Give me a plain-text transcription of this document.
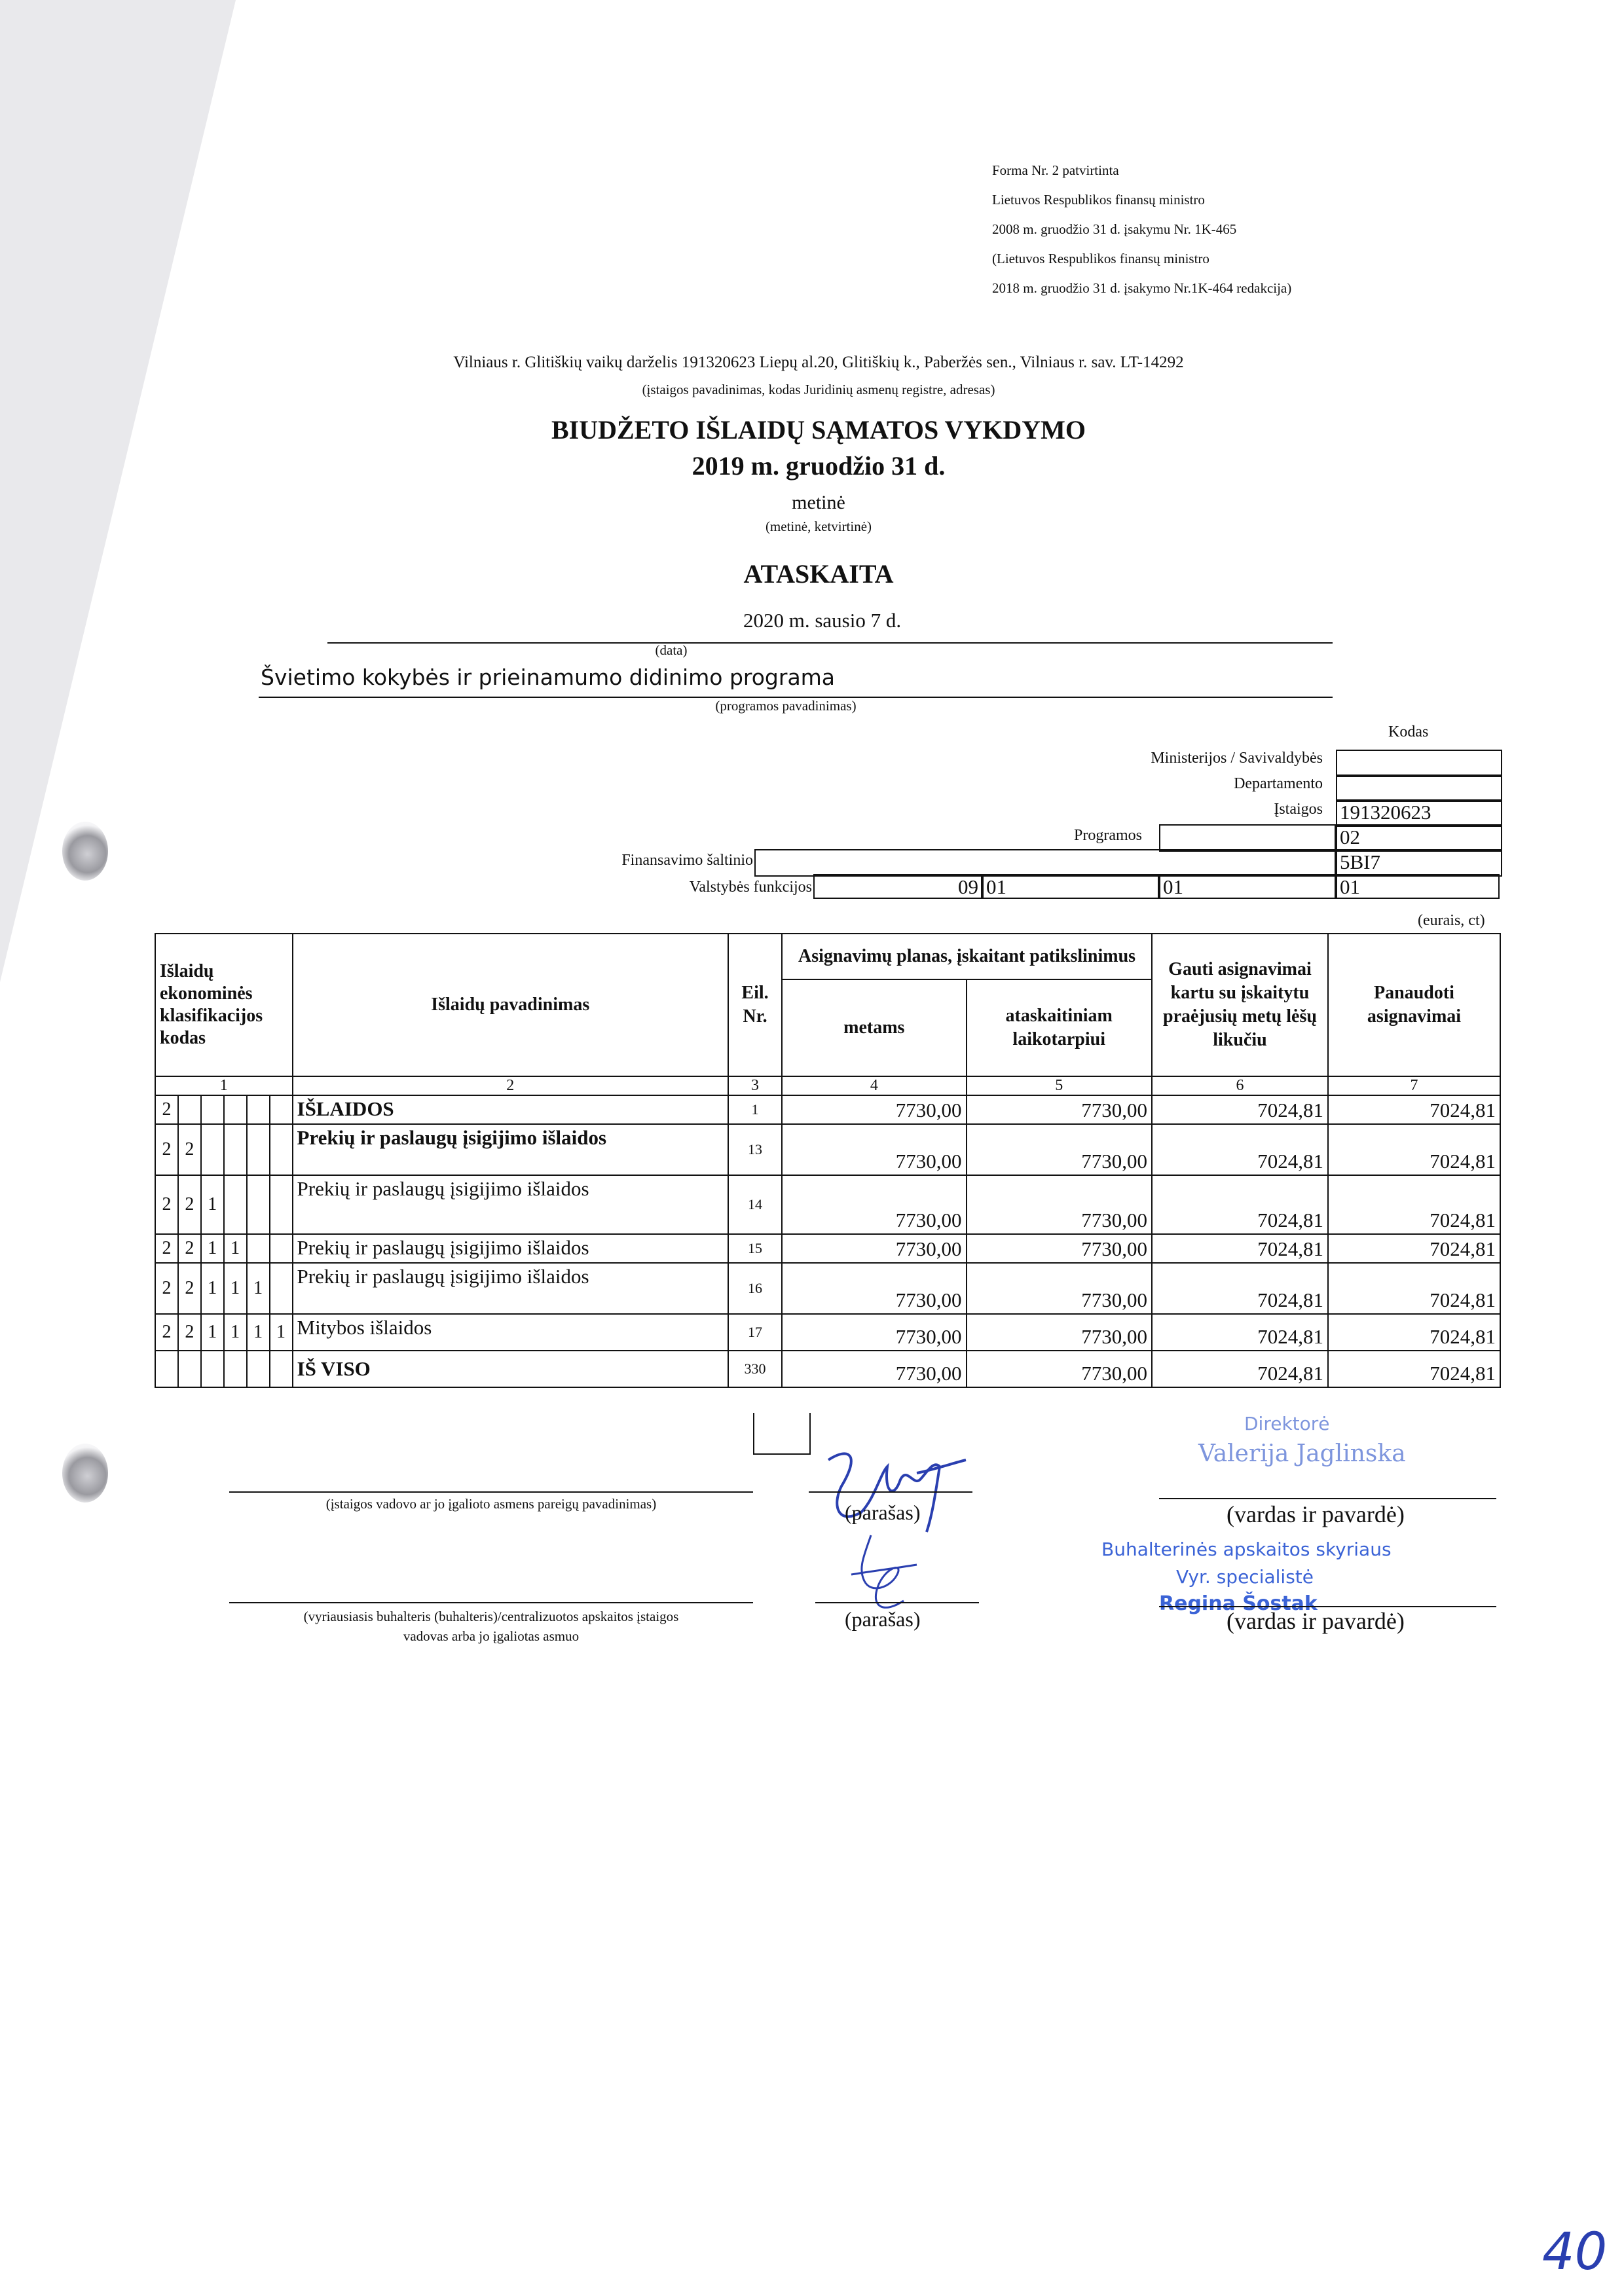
Forma Nr. 2 patvirtinta
Lietuvos Respublikos finansų ministro
2008 m. gruodžio 31 d. įsakymu Nr. 1K-465
(Lietuvos Respublikos finansų ministro
2018 m. gruodžio 31 d. įsakymo Nr.1K-464 redakcija)
Vilniaus r. Glitiškių vaikų darželis 191320623 Liepų al.20, Glitiškių k., Paberžės sen., Vilniaus r. sav. LT-14292
(įstaigos pavadinimas, kodas Juridinių asmenų registre, adresas)
BIUDŽETO IŠLAIDŲ SĄMATOS VYKDYMO
2019 m. gruodžio 31 d.
metinė
(metinė, ketvirtinė)
ATASKAITA
2020 m. sausio 7 d.
(data)
Švietimo kokybės ir prieinamumo didinimo programa
(programos pavadinimas)
Kodas
Ministerijos / Savivaldybės
Departamento
Įstaigos 191320623
Programos	02
Finansavimo šaltinio	5BI7
Valstybės funkcijos	09 01	01	01
(eurais, ct)
Išlaidų ekonominės klasifikacijos kodas						Išlaidų pavadinimas	Eil. Nr.	Asignavimų planas, įskaitant patikslinimus		Gauti asignavimai kartu su įskaitytu praėjusių metų lėšų likučiu	Panaudoti asignavimai
								metams	ataskaitiniam laikotarpiui		
1						2	3	4	5	6	7
2						IŠLAIDOS	1	7730,00	7730,00	7024,81	7024,81
2	2					Prekių ir paslaugų įsigijimo išlaidos	13	7730,00	7730,00	7024,81	7024,81
2	2	1				Prekių ir paslaugų įsigijimo išlaidos	14	7730,00	7730,00	7024,81	7024,81
2	2	1	1			Prekių ir paslaugų įsigijimo išlaidos	15	7730,00	7730,00	7024,81	7024,81
2	2	1	1	1		Prekių ir paslaugų įsigijimo išlaidos	16	7730,00	7730,00	7024,81	7024,81
2	2	1	1	1	1	Mitybos išlaidos	17	7730,00	7730,00	7024,81	7024,81
						IŠ VISO	330	7730,00	7730,00	7024,81	7024,81
(įstaigos vadovo ar jo įgalioto asmens pareigų pavadinimas)	(parašas)
Direktorė
Valerija Jaglinska
(vardas ir pavardė)
Buhalterinės apskaitos skyriaus
Vyr. specialistė
Regina Šostak
(vyriausiasis buhalteris (buhalteris)/centralizuotos apskaitos įstaigos
vadovas arba jo įgaliotas asmuo
(parašas)	(vardas ir pavardė)
40
